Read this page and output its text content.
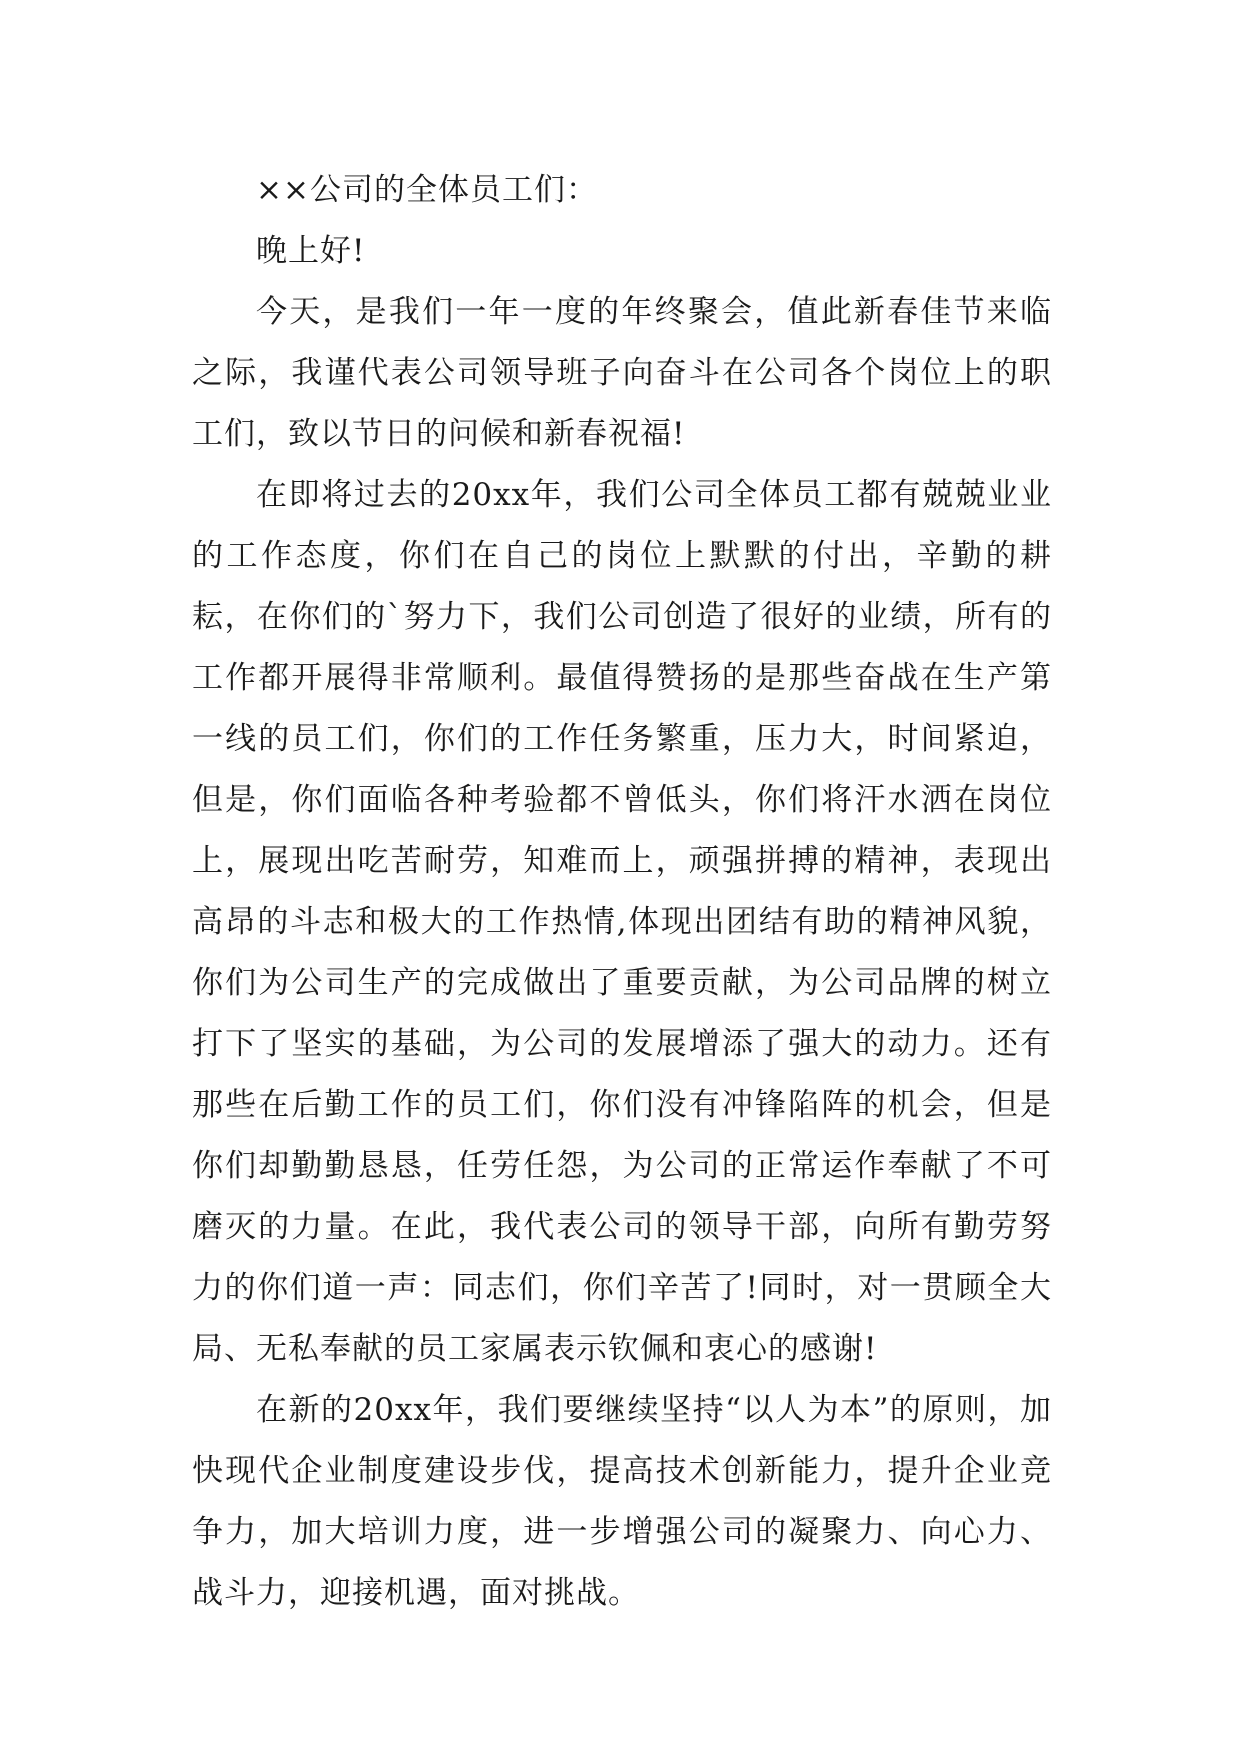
××公司的全体员工们：

晚上好!

今天，是我们一年一度的年终聚会，值此新春佳节来临之际，我谨代表公司领导班子向奋斗在公司各个岗位上的职工们，致以节日的问候和新春祝福!

在即将过去的20xx年，我们公司全体员工都有兢兢业业的工作态度，你们在自己的岗位上默默的付出，辛勤的耕耘，在你们的`努力下，我们公司创造了很好的业绩，所有的工作都开展得非常顺利。最值得赞扬的是那些奋战在生产第一线的员工们，你们的工作任务繁重，压力大，时间紧迫，但是，你们面临各种考验都不曾低头，你们将汗水洒在岗位上，展现出吃苦耐劳，知难而上，顽强拼搏的精神，表现出高昂的斗志和极大的工作热情,体现出团结有助的精神风貌，你们为公司生产的完成做出了重要贡献，为公司品牌的树立打下了坚实的基础，为公司的发展增添了强大的动力。还有那些在后勤工作的员工们，你们没有冲锋陷阵的机会，但是你们却勤勤恳恳，任劳任怨，为公司的正常运作奉献了不可磨灭的力量。在此，我代表公司的领导干部，向所有勤劳努力的你们道一声：同志们，你们辛苦了!同时，对一贯顾全大局、无私奉献的员工家属表示钦佩和衷心的感谢!

在新的20xx年，我们要继续坚持“以人为本”的原则，加快现代企业制度建设步伐，提高技术创新能力，提升企业竞争力，加大培训力度，进一步增强公司的凝聚力、向心力、战斗力，迎接机遇，面对挑战。
